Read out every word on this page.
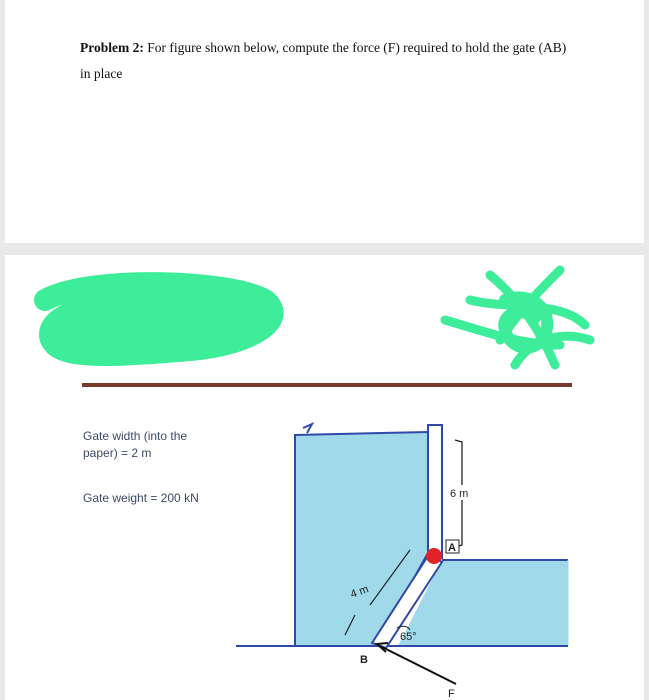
Problem 2: For figure shown below, compute the force (F) required to hold the gate (AB) in place
6 m
A
4 m
65°
B
F
Gate width (into the paper) = 2 m
Gate weight = 200 kN
